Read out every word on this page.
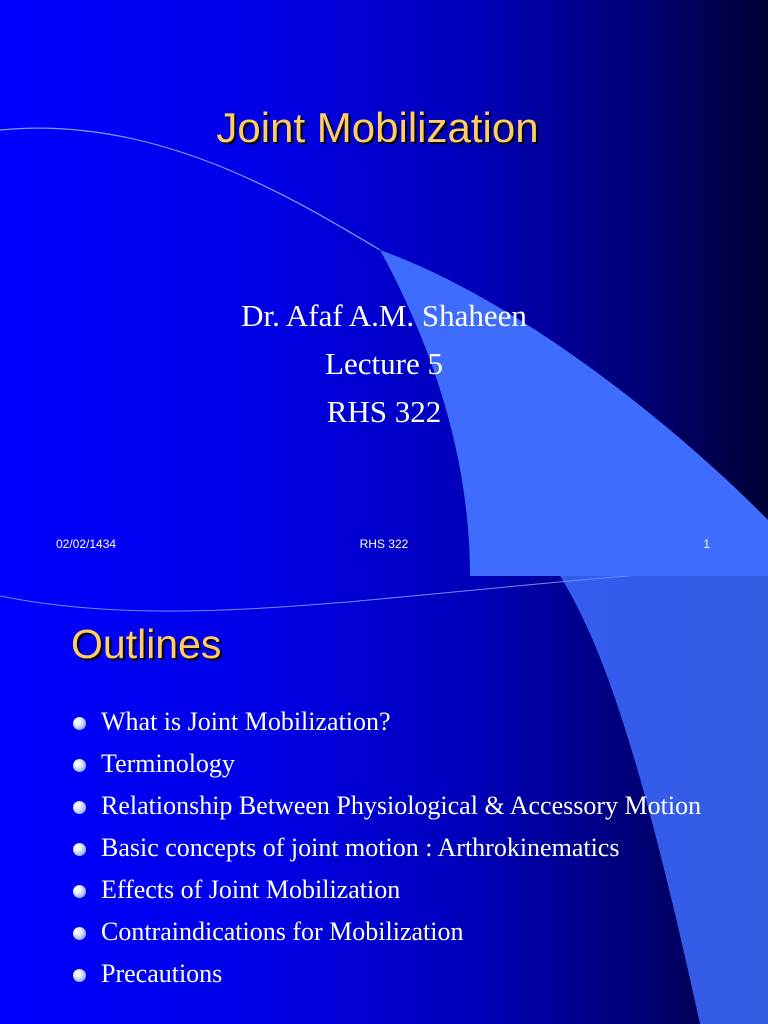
Joint Mobilization
Dr. Afaf A.M. Shaheen
Lecture 5
RHS 322
02/02/1434	RHS 322	1
Outlines
What is Joint Mobilization?
Terminology
Relationship Between Physiological & Accessory Motion
Basic concepts of joint motion : Arthrokinematics
Effects of Joint Mobilization
Contraindications for Mobilization
Precautions
